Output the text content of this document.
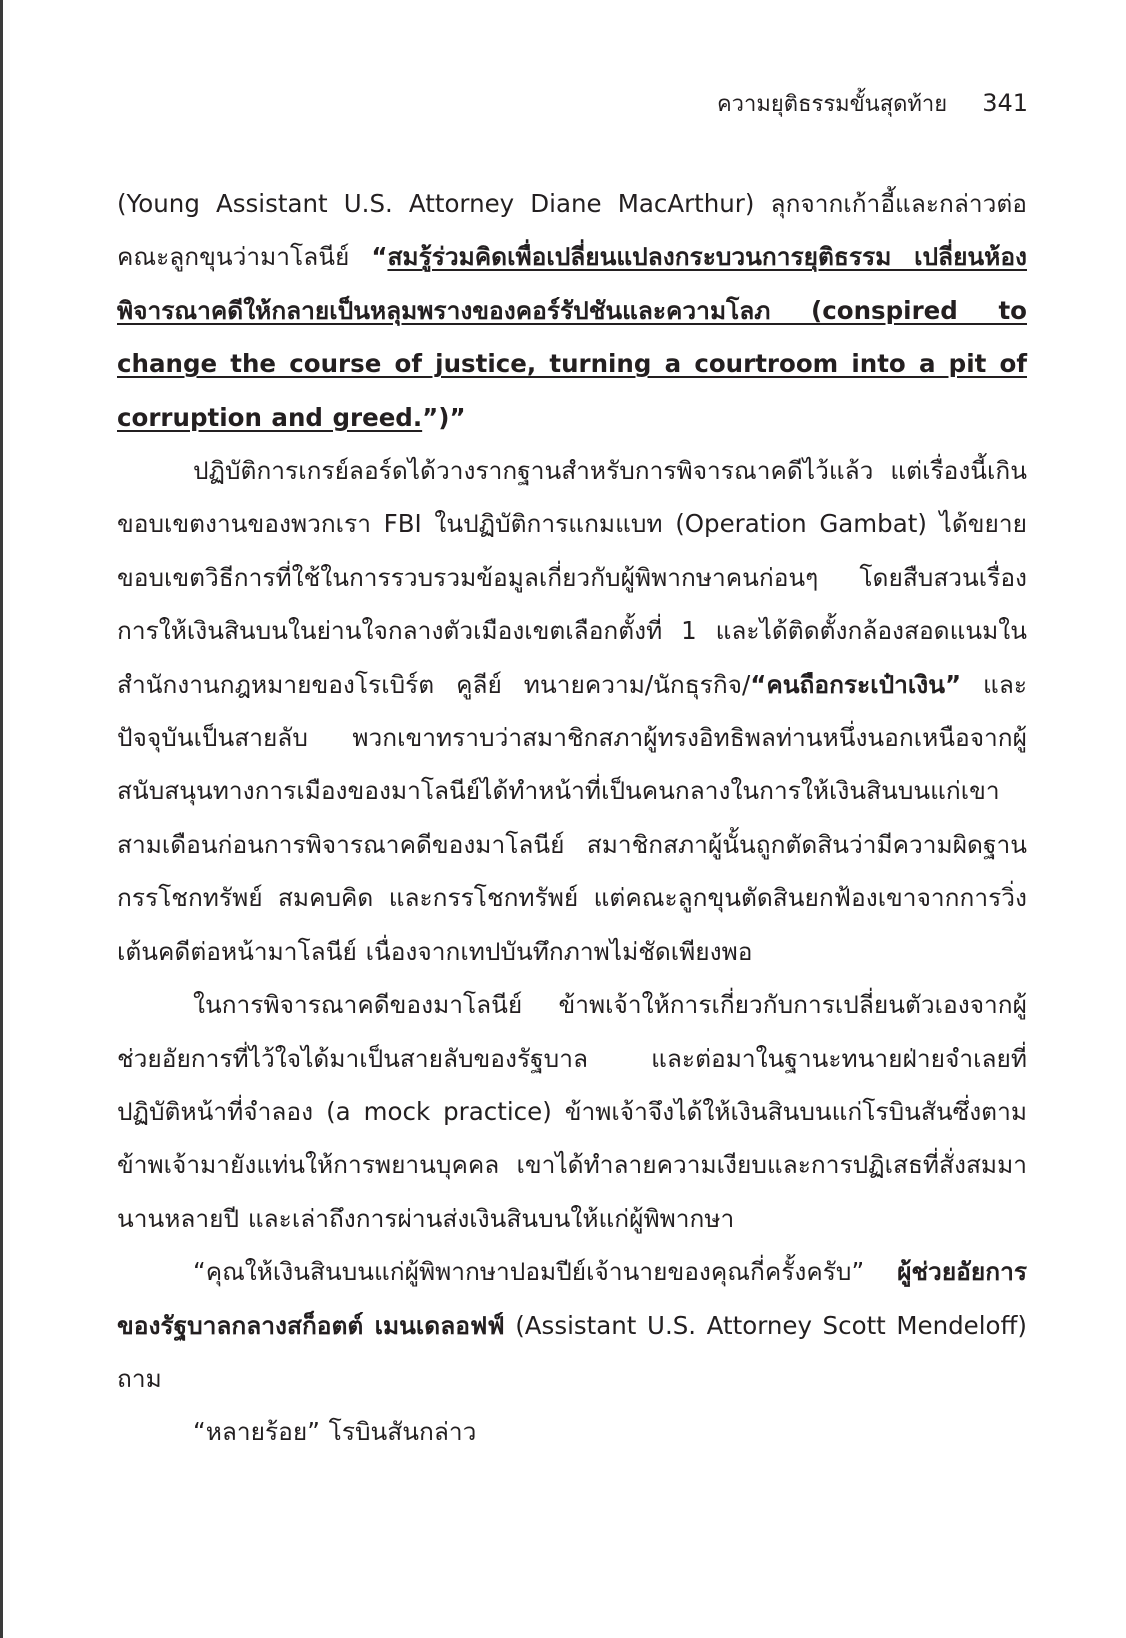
ความยุติธรรมขั้นสุดท้าย 341

(Young Assistant U.S. Attorney Diane MacArthur) ลุกจากเก้าอี้และกล่าวต่อคณะลูกขุนว่ามาโลนีย์ “สมรู้ร่วมคิดเพื่อเปลี่ยนแปลงกระบวนการยุติธรรม เปลี่ยนห้องพิจารณาคดีให้กลายเป็นหลุมพรางของคอร์รัปชันและความโลภ (conspired to change the course of justice, turning a courtroom into a pit of corruption and greed.”)”

ปฏิบัติการเกรย์ลอร์ดได้วางรากฐานสำหรับการพิจารณาคดีไว้แล้ว แต่เรื่องนี้เกินขอบเขตงานของพวกเรา FBI ในปฏิบัติการแกมแบท (Operation Gambat) ได้ขยายขอบเขตวิธีการที่ใช้ในการรวบรวมข้อมูลเกี่ยวกับผู้พิพากษาคนก่อนๆ โดยสืบสวนเรื่องการให้เงินสินบนในย่านใจกลางตัวเมืองเขตเลือกตั้งที่ 1 และได้ติดตั้งกล้องสอดแนมในสำนักงานกฎหมายของโรเบิร์ต คูลีย์ ทนายความ/นักธุรกิจ/“คนถือกระเป๋าเงิน” และปัจจุบันเป็นสายลับ พวกเขาทราบว่าสมาชิกสภาผู้ทรงอิทธิพลท่านหนึ่งนอกเหนือจากผู้สนับสนุนทางการเมืองของมาโลนีย์ได้ทำหน้าที่เป็นคนกลางในการให้เงินสินบนแก่เขา สามเดือนก่อนการพิจารณาคดีของมาโลนีย์ สมาชิกสภาผู้นั้นถูกตัดสินว่ามีความผิดฐานกรรโชกทรัพย์ สมคบคิด และกรรโชกทรัพย์ แต่คณะลูกขุนตัดสินยกฟ้องเขาจากการวิ่งเต้นคดีต่อหน้ามาโลนีย์ เนื่องจากเทปบันทึกภาพไม่ชัดเพียงพอ

ในการพิจารณาคดีของมาโลนีย์ ข้าพเจ้าให้การเกี่ยวกับการเปลี่ยนตัวเองจากผู้ช่วยอัยการที่ไว้ใจได้มาเป็นสายลับของรัฐบาล และต่อมาในฐานะทนายฝ่ายจำเลยที่ปฏิบัติหน้าที่จำลอง (a mock practice) ข้าพเจ้าจึงได้ให้เงินสินบนแก่โรบินสันซึ่งตามข้าพเจ้ามายังแท่นให้การพยานบุคคล เขาได้ทำลายความเงียบและการปฏิเสธที่สั่งสมมานานหลายปี และเล่าถึงการผ่านส่งเงินสินบนให้แก่ผู้พิพากษา

“คุณให้เงินสินบนแก่ผู้พิพากษาปอมปีย์เจ้านายของคุณกี่ครั้งครับ” ผู้ช่วยอัยการของรัฐบาลกลางสก็อตต์ เมนเดลอฟฟ์ (Assistant U.S. Attorney Scott Mendeloff) ถาม

“หลายร้อย” โรบินสันกล่าว
